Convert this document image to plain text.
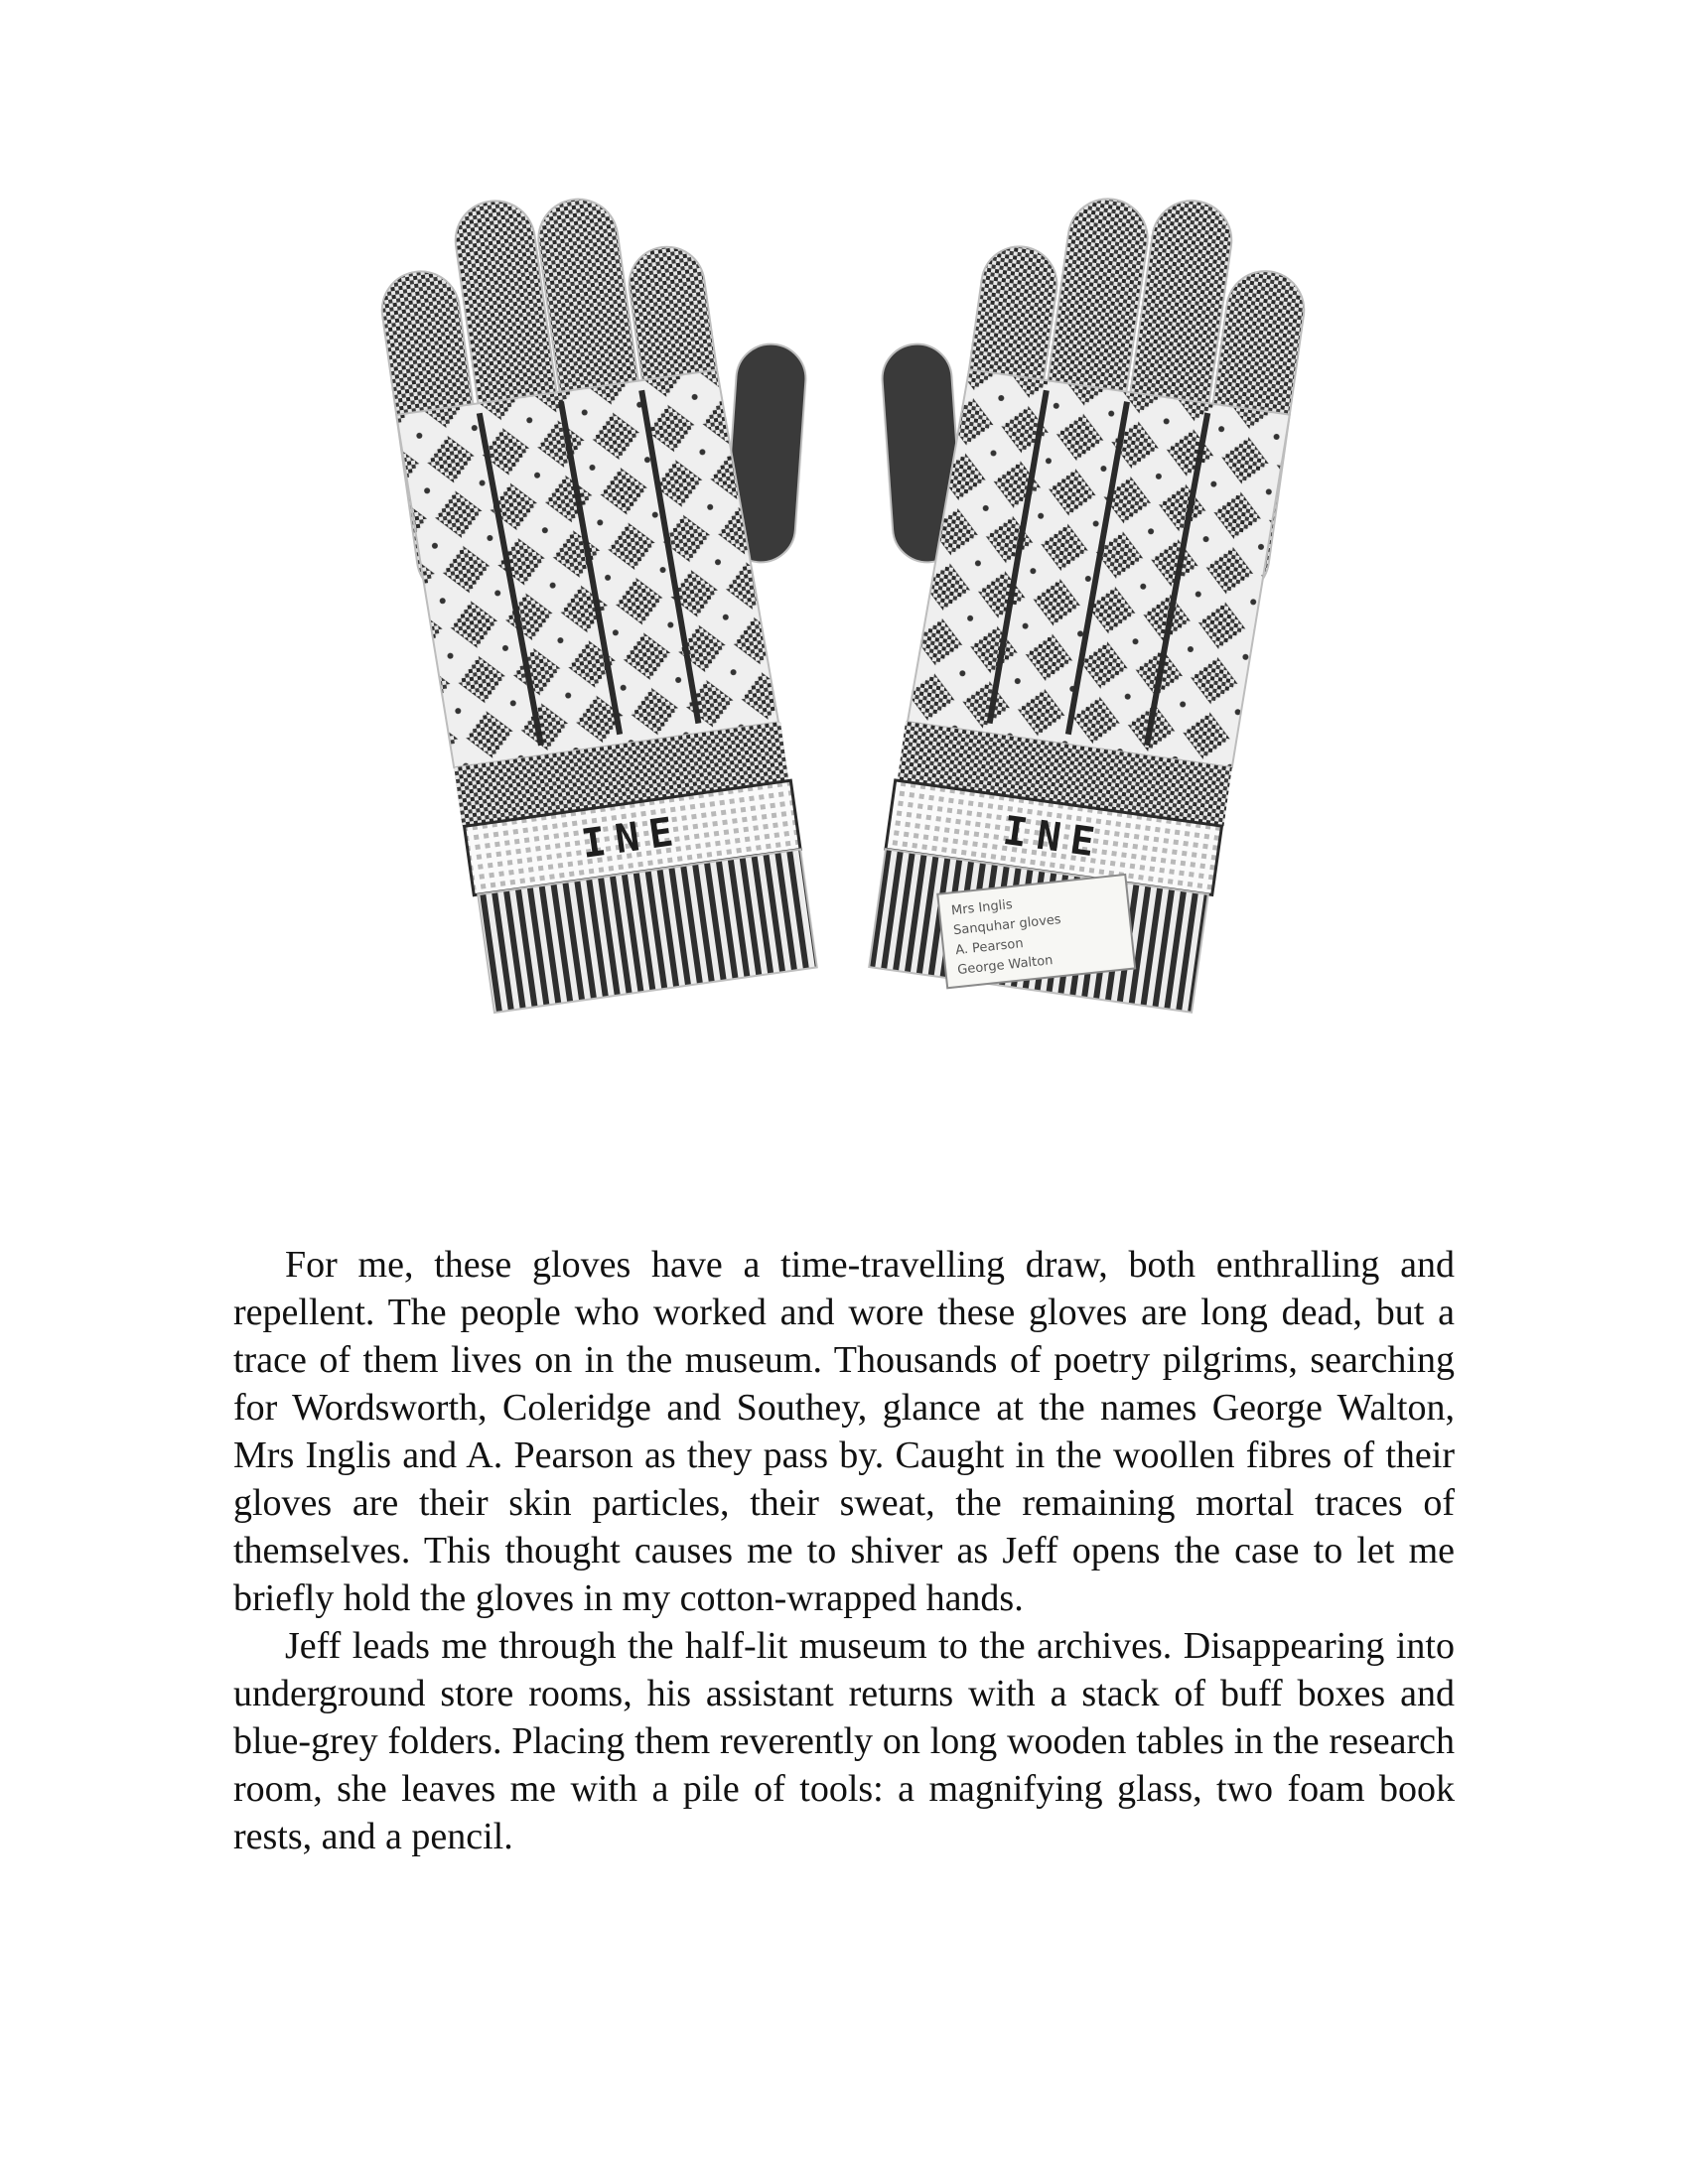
INE	INE
Mrs Inglis
Sanquhar gloves
A. Pearson
George Walton

For me, these gloves have a time-travelling draw, both enthralling and repellent. The people who worked and wore these gloves are long dead, but a trace of them lives on in the museum. Thousands of poetry pilgrims, searching for Wordsworth, Coleridge and Southey, glance at the names George Walton, Mrs Inglis and A. Pearson as they pass by. Caught in the woollen fibres of their gloves are their skin particles, their sweat, the remaining mortal traces of themselves. This thought causes me to shiver as Jeff opens the case to let me briefly hold the gloves in my cotton-wrapped hands.

Jeff leads me through the half-lit museum to the archives. Disappearing into underground store rooms, his assistant returns with a stack of buff boxes and blue-grey folders. Placing them reverently on long wooden tables in the research room, she leaves me with a pile of tools: a magnifying glass, two foam book rests, and a pencil.
